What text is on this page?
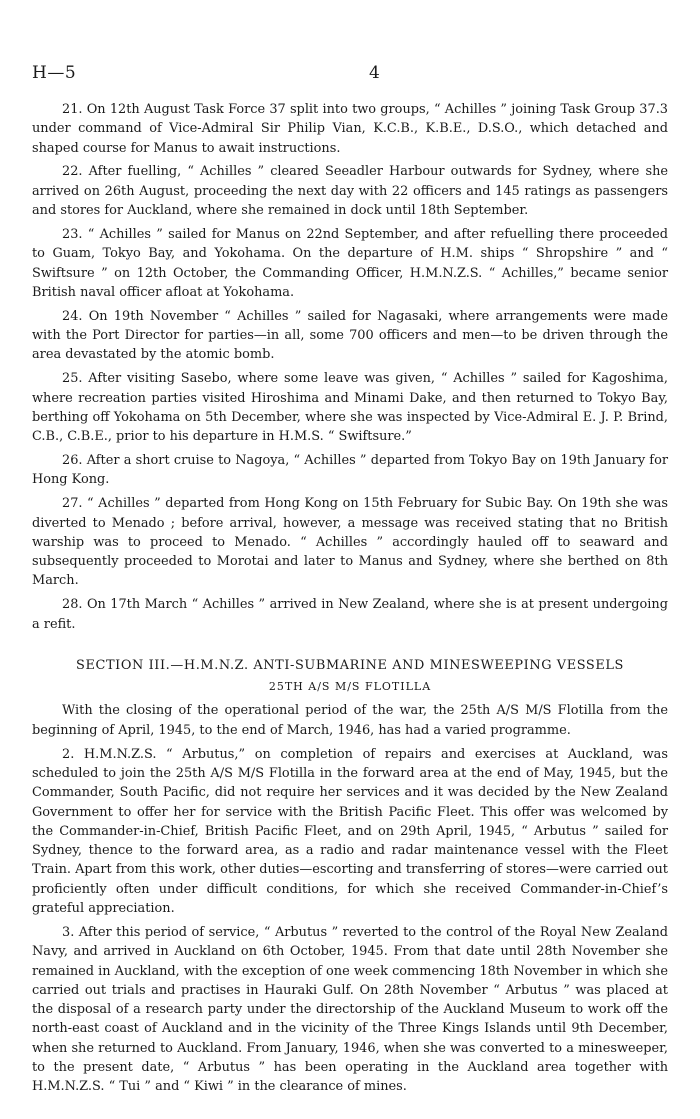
H—5	4

21. On 12th August Task Force 37 split into two groups, “ Achilles ” joining Task Group 37.3 under command of Vice-Admiral Sir Philip Vian, K.C.B., K.B.E., D.S.O., which detached and shaped course for Manus to await instructions.

22. After fuelling, “ Achilles ” cleared Seeadler Harbour outwards for Sydney, where she arrived on 26th August, proceeding the next day with 22 officers and 145 ratings as passengers and stores for Auckland, where she remained in dock until 18th September.

23. “ Achilles ” sailed for Manus on 22nd September, and after refuelling there proceeded to Guam, Tokyo Bay, and Yokohama. On the departure of H.M. ships “ Shropshire ” and “ Swiftsure ” on 12th October, the Commanding Officer, H.M.N.Z.S. “ Achilles,” became senior British naval officer afloat at Yokohama.

24. On 19th November “ Achilles ” sailed for Nagasaki, where arrangements were made with the Port Director for parties—in all, some 700 officers and men—to be driven through the area devastated by the atomic bomb.

25. After visiting Sasebo, where some leave was given, “ Achilles ” sailed for Kagoshima, where recreation parties visited Hiroshima and Minami Dake, and then returned to Tokyo Bay, berthing off Yokohama on 5th December, where she was inspected by Vice-Admiral E. J. P. Brind, C.B., C.B.E., prior to his departure in H.M.S. “ Swiftsure.”

26. After a short cruise to Nagoya, “ Achilles ” departed from Tokyo Bay on 19th January for Hong Kong.

27. “ Achilles ” departed from Hong Kong on 15th February for Subic Bay. On 19th she was diverted to Menado ; before arrival, however, a message was received stating that no British warship was to proceed to Menado. “ Achilles ” accordingly hauled off to seaward and subsequently proceeded to Morotai and later to Manus and Sydney, where she berthed on 8th March.

28. On 17th March “ Achilles ” arrived in New Zealand, where she is at present undergoing a refit.

SECTION III.—H.M.N.Z. ANTI-SUBMARINE AND MINESWEEPING VESSELS

25TH A/S M/S FLOTILLA

With the closing of the operational period of the war, the 25th A/S M/S Flotilla from the beginning of April, 1945, to the end of March, 1946, has had a varied programme.

2. H.M.N.Z.S. “ Arbutus,” on completion of repairs and exercises at Auckland, was scheduled to join the 25th A/S M/S Flotilla in the forward area at the end of May, 1945, but the Commander, South Pacific, did not require her services and it was decided by the New Zealand Government to offer her for service with the British Pacific Fleet. This offer was welcomed by the Commander-in-Chief, British Pacific Fleet, and on 29th April, 1945, “ Arbutus ” sailed for Sydney, thence to the forward area, as a radio and radar maintenance vessel with the Fleet Train. Apart from this work, other duties—escorting and transferring of stores—were carried out proficiently often under difficult conditions, for which she received Commander-in-Chief’s grateful appreciation.

3. After this period of service, “ Arbutus ” reverted to the control of the Royal New Zealand Navy, and arrived in Auckland on 6th October, 1945. From that date until 28th November she remained in Auckland, with the exception of one week commencing 18th November in which she carried out trials and practises in Hauraki Gulf. On 28th November “ Arbutus ” was placed at the disposal of a research party under the directorship of the Auckland Museum to work off the north-east coast of Auckland and in the vicinity of the Three Kings Islands until 9th December, when she returned to Auckland. From January, 1946, when she was converted to a minesweeper, to the present date, “ Arbutus ” has been operating in the Auckland area together with H.M.N.Z.S. “ Tui ” and “ Kiwi ” in the clearance of mines.
